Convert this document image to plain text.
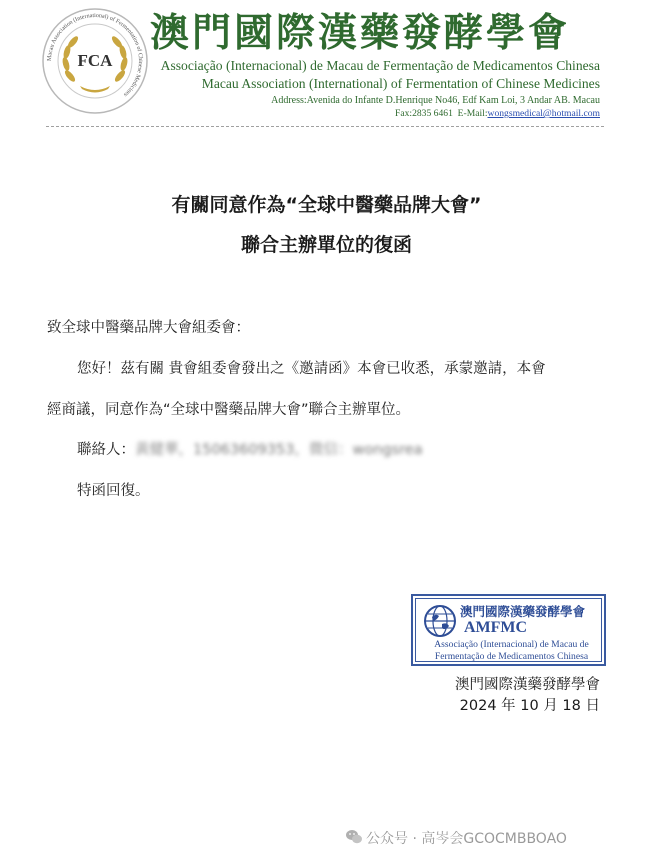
Macau Association (International) of Fermentation of Chinese Medicines
FCA
澳門國際漢藥發酵學會
Associação (Internacional) de Macau de Fermentação de Medicamentos Chinesa
Macau Association (International) of Fermentation of Chinese Medicines
Address:Avenida do Infante D.Henrique No46, Edf Kam Loi, 3 Andar AB. Macau
Fax:2835 6461 E-Mail:wongsmedical@hotmail.com
有關同意作為“全球中醫藥品牌大會”
聯合主辦單位的復函
致全球中醫藥品牌大會組委會：
您好！茲有關 貴會組委會發出之《邀請函》本會已收悉，承蒙邀請，本會
經商議，同意作為“全球中醫藥品牌大會”聯合主辦單位。
聯絡人：黃健華，15063609353，微信：wongsrea
特函回復。
澳門國際漢藥發酵學會
AMFMC
Associação (Internacional) de Macau de
Fermentação de Medicamentos Chinesa
澳門國際漢藥發酵學會
2024 年 10 月 18 日
公众号 · 高岑会GCOCMBBOAO
